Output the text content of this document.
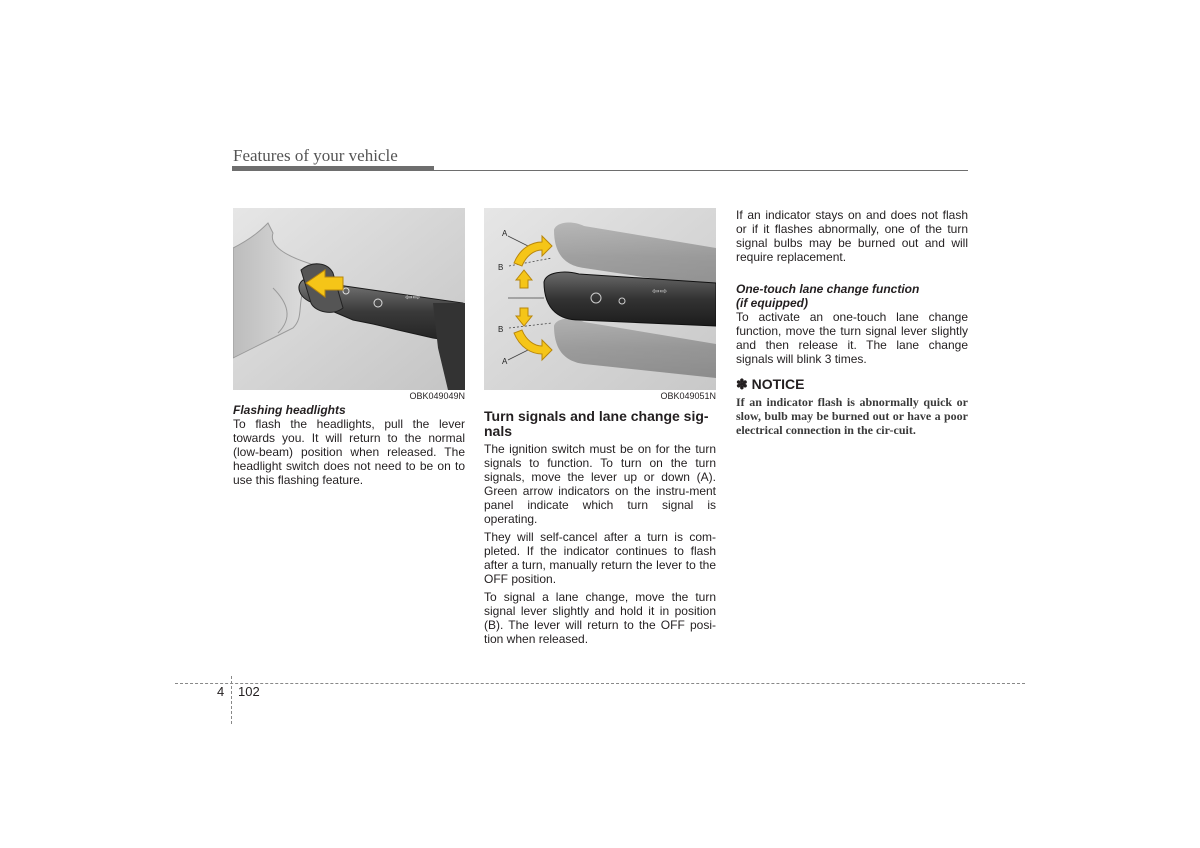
Features of your vehicle
⇦⇨
OBK049049N
Flashing headlights
To flash the headlights, pull the lever towards you. It will return to the normal (low-beam) position when released. The headlight switch does not need to be on to use this flashing feature.
⇦⇨
A
B
B
A
OBK049051N
Turn signals and lane change sig-nals
The ignition switch must be on for the turn signals to function. To turn on the turn signals, move the lever up or down (A). Green arrow indicators on the instru-ment panel indicate which turn signal is operating.
They will self-cancel after a turn is com-pleted. If the indicator continues to flash after a turn, manually return the lever to the OFF position.
To signal a lane change, move the turn signal lever slightly and hold it in position (B). The lever will return to the OFF posi-tion when released.
If an indicator stays on and does not flash or if it flashes abnormally, one of the turn signal bulbs may be burned out and will require replacement.
One-touch lane change function
(if equipped)
To activate an one-touch lane change function, move the turn signal lever slightly and then release it. The lane change signals will blink 3 times.
✽ NOTICE
If an indicator flash is abnormally quick or slow, bulb may be burned out or have a poor electrical connection in the cir-cuit.
4 102
